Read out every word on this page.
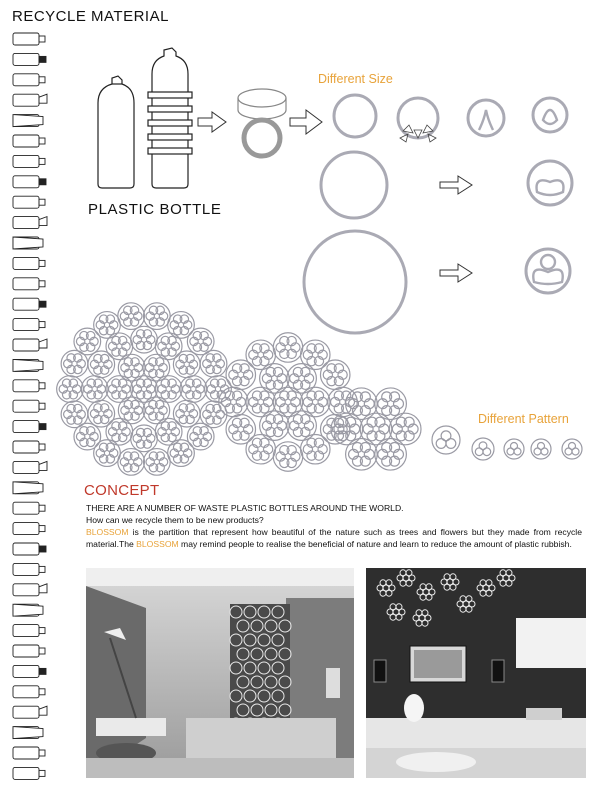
RECYCLE MATERIAL
PLASTIC BOTTLE
Different Size
Different Pattern
CONCEPT

THERE ARE A NUMBER OF WASTE PLASTIC BOTTLES AROUND THE WORLD.

How can we recycle them to be new products?

BLOSSOM is the partition that represent how beautiful of the nature such as trees and flowers but they made from recycle material.The BLOSSOM may remind people to realise the beneficial of nature and learn to reduce the amount of plastic rubbish.
